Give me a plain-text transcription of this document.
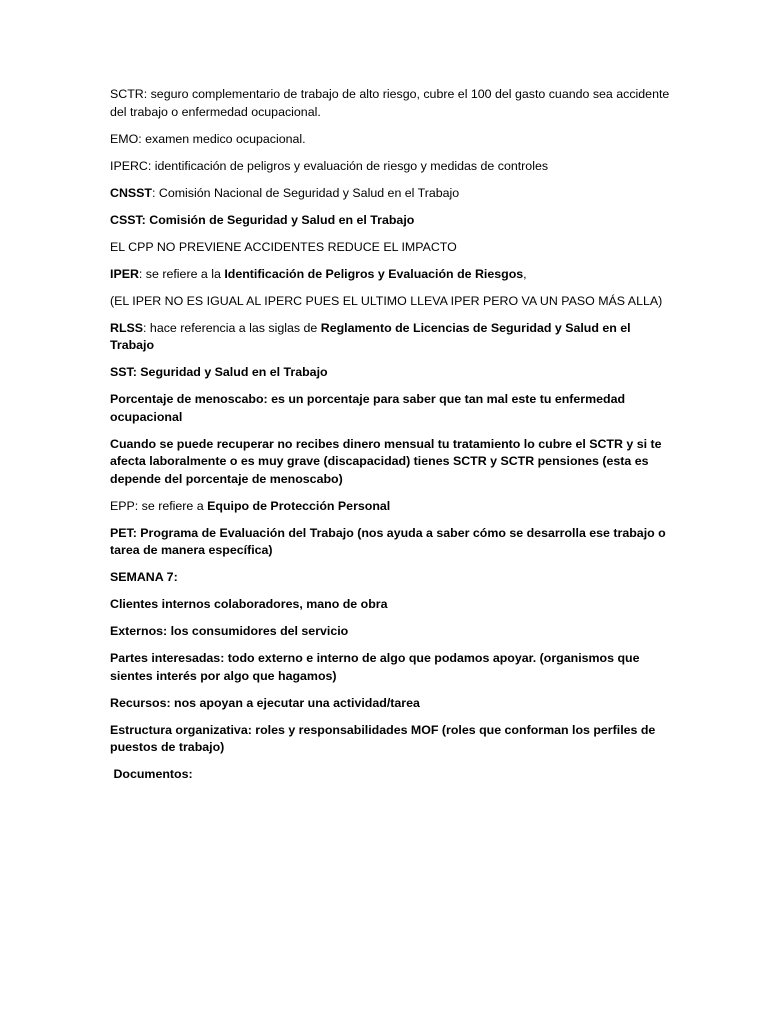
SCTR: seguro complementario de trabajo de alto riesgo, cubre el 100 del gasto cuando sea accidente del trabajo o enfermedad ocupacional.

EMO: examen medico ocupacional.

IPERC: identificación de peligros y evaluación de riesgo y medidas de controles

CNSST: Comisión Nacional de Seguridad y Salud en el Trabajo

CSST: Comisión de Seguridad y Salud en el Trabajo

EL CPP NO PREVIENE ACCIDENTES REDUCE EL IMPACTO

IPER: se refiere a la Identificación de Peligros y Evaluación de Riesgos,

(EL IPER NO ES IGUAL AL IPERC PUES EL ULTIMO LLEVA IPER PERO VA UN PASO MÁS ALLA)

RLSS: hace referencia a las siglas de Reglamento de Licencias de Seguridad y Salud en el Trabajo

SST: Seguridad y Salud en el Trabajo

Porcentaje de menoscabo: es un porcentaje para saber que tan mal este tu enfermedad ocupacional

Cuando se puede recuperar no recibes dinero mensual tu tratamiento lo cubre el SCTR y si te afecta laboralmente o es muy grave (discapacidad) tienes SCTR y SCTR pensiones (esta es depende del porcentaje de menoscabo)

EPP: se refiere a Equipo de Protección Personal

PET: Programa de Evaluación del Trabajo (nos ayuda a saber cómo se desarrolla ese trabajo o tarea de manera específica)

SEMANA 7:

Clientes internos colaboradores, mano de obra

Externos: los consumidores del servicio

Partes interesadas: todo externo e interno de algo que podamos apoyar. (organismos que sientes interés por algo que hagamos)

Recursos: nos apoyan a ejecutar una actividad/tarea

Estructura organizativa: roles y responsabilidades MOF (roles que conforman los perfiles de puestos de trabajo)

Documentos:
